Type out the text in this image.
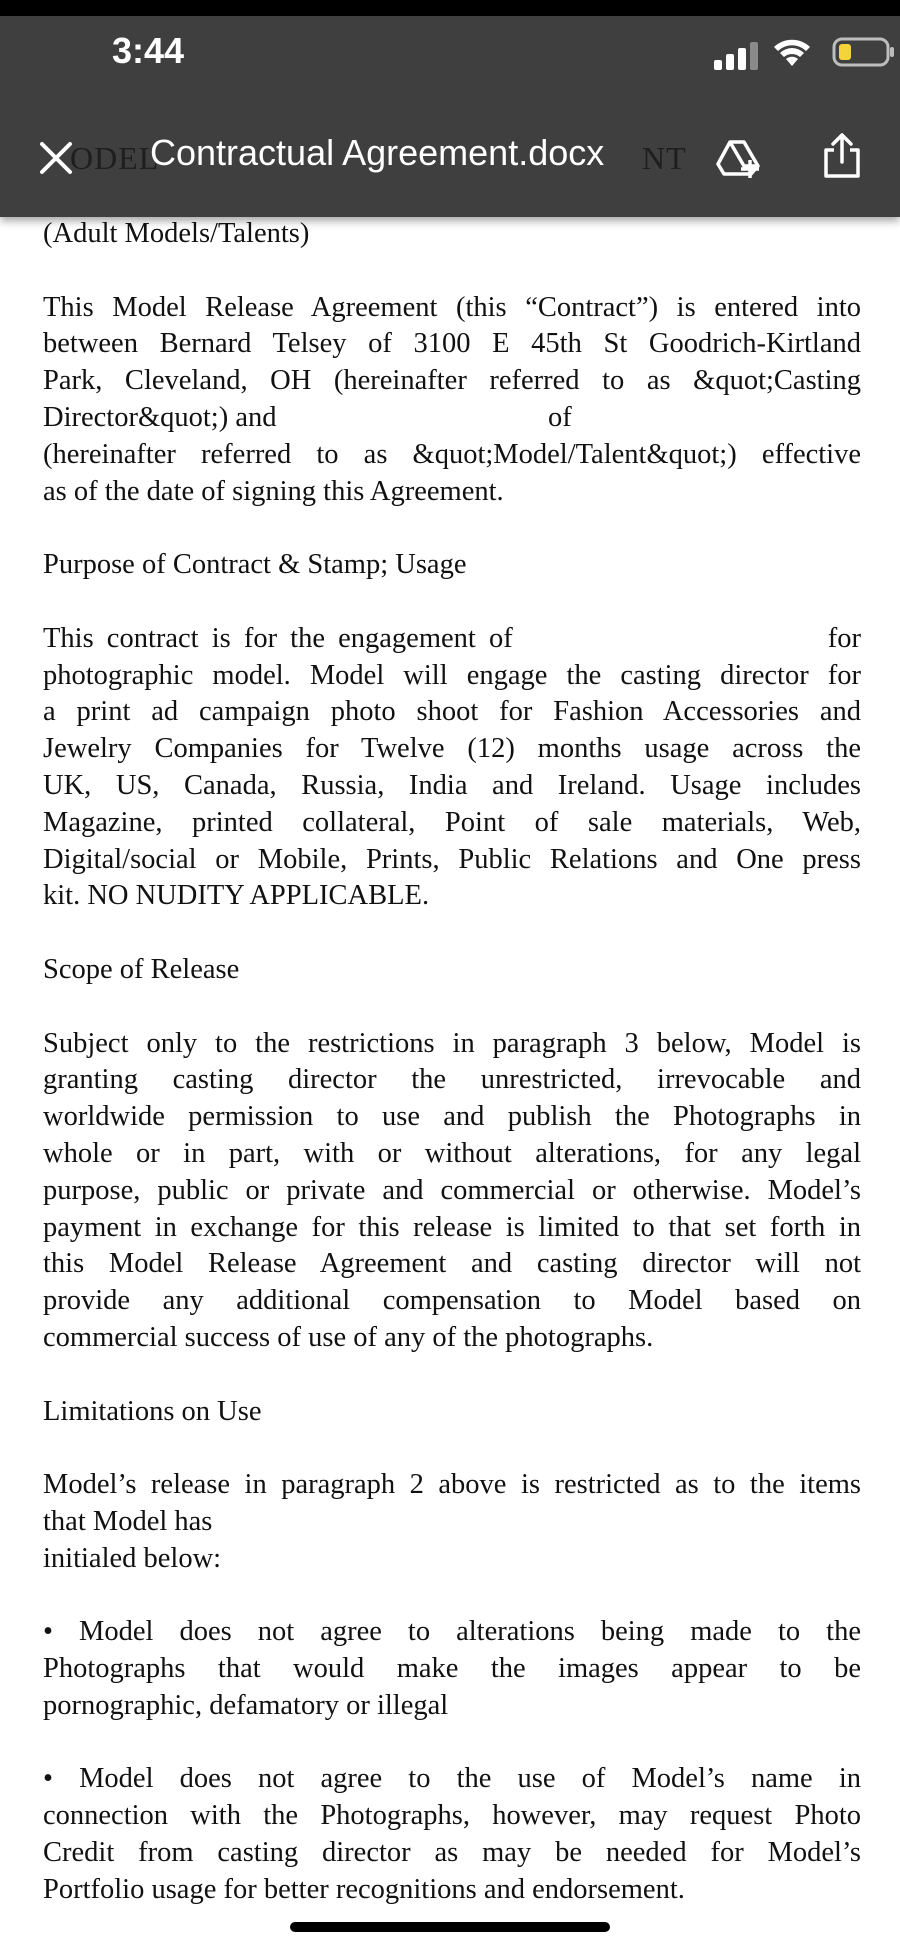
3:44
ODEL	NT
Contractual Agreement.docx

(Adult Models/Talents)

This Model Release Agreement (this “Contract”) is entered into
between Bernard Telsey of 3100 E 45th St Goodrich-Kirtland
Park, Cleveland, OH (hereinafter referred to as &quot;Casting
Director&quot;) and	of
(hereinafter referred to as &quot;Model/Talent&quot;) effective
as of the date of signing this Agreement.

Purpose of Contract & Stamp; Usage

This contract is for the engagement of	for
photographic model. Model will engage the casting director for
a print ad campaign photo shoot for Fashion Accessories and
Jewelry Companies for Twelve (12) months usage across the
UK, US, Canada, Russia, India and Ireland. Usage includes
Magazine, printed collateral, Point of sale materials, Web,
Digital/social or Mobile, Prints, Public Relations and One press
kit. NO NUDITY APPLICABLE.

Scope of Release

Subject only to the restrictions in paragraph 3 below, Model is
granting casting director the unrestricted, irrevocable and
worldwide permission to use and publish the Photographs in
whole or in part, with or without alterations, for any legal
purpose, public or private and commercial or otherwise. Model’s
payment in exchange for this release is limited to that set forth in
this Model Release Agreement and casting director will not
provide any additional compensation to Model based on
commercial success of use of any of the photographs.

Limitations on Use

Model’s release in paragraph 2 above is restricted as to the items
that Model has
initialed below:

• Model does not agree to alterations being made to the
Photographs that would make the images appear to be
pornographic, defamatory or illegal

• Model does not agree to the use of Model’s name in
connection with the Photographs, however, may request Photo
Credit from casting director as may be needed for Model’s
Portfolio usage for better recognitions and endorsement.
